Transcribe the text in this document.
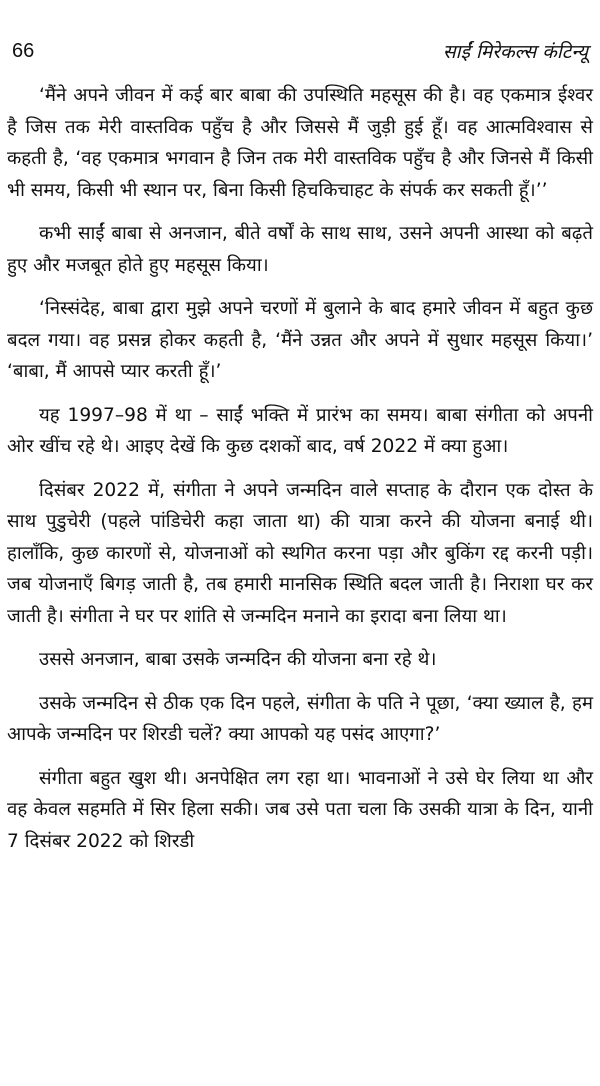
66	साईं मिरेकल्स कंटिन्यू

‘मैंने अपने जीवन में कई बार बाबा की उपस्थिति महसूस की है। वह एकमात्र ईश्वर है जिस तक मेरी वास्तविक पहुँच है और जिससे मैं जुड़ी हुई हूँ। वह आत्मविश्वास से कहती है, ‘वह एकमात्र भगवान है जिन तक मेरी वास्तविक पहुँच है और जिनसे मैं किसी भी समय, किसी भी स्थान पर, बिना किसी हिचकिचाहट के संपर्क कर सकती हूँ।’’

कभी साईं बाबा से अनजान, बीते वर्षों के साथ साथ, उसने अपनी आस्था को बढ़ते हुए और मजबूत होते हुए महसूस किया।

‘निस्संदेह, बाबा द्वारा मुझे अपने चरणों में बुलाने के बाद हमारे जीवन में बहुत कुछ बदल गया। वह प्रसन्न होकर कहती है, ‘मैंने उन्नत और अपने में सुधार महसूस किया।’ ‘बाबा, मैं आपसे प्यार करती हूँ।’

यह 1997–98 में था – साईं भक्ति में प्रारंभ का समय। बाबा संगीता को अपनी ओर खींच रहे थे। आइए देखें कि कुछ दशकों बाद, वर्ष 2022 में क्या हुआ।

दिसंबर 2022 में, संगीता ने अपने जन्मदिन वाले सप्ताह के दौरान एक दोस्त के साथ पुडुचेरी (पहले पांडिचेरी कहा जाता था) की यात्रा करने की योजना बनाई थी। हालाँकि, कुछ कारणों से, योजनाओं को स्थगित करना पड़ा और बुकिंग रद्द करनी पड़ी। जब योजनाएँ बिगड़ जाती है, तब हमारी मानसिक स्थिति बदल जाती है। निराशा घर कर जाती है। संगीता ने घर पर शांति से जन्मदिन मनाने का इरादा बना लिया था।

उससे अनजान, बाबा उसके जन्मदिन की योजना बना रहे थे।

उसके जन्मदिन से ठीक एक दिन पहले, संगीता के पति ने पूछा, ‘क्या ख्याल है, हम आपके जन्मदिन पर शिरडी चलें? क्या आपको यह पसंद आएगा?’

संगीता बहुत खुश थी। अनपेक्षित लग रहा था। भावनाओं ने उसे घेर लिया था और वह केवल सहमति में सिर हिला सकी। जब उसे पता चला कि उसकी यात्रा के दिन, यानी 7 दिसंबर 2022 को शिरडी
